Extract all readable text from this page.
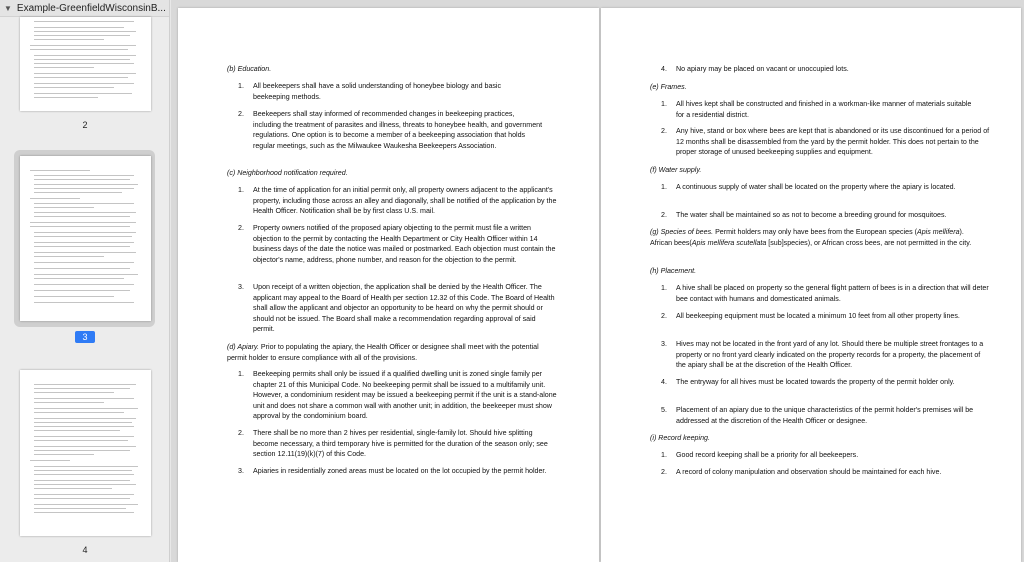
▼ Example-GreenfieldWisconsinB...
2
3
4
(b) Education.
1.	All beekeepers shall have a solid understanding of honeybee biology and basic beekeeping methods.
2.	Beekeepers shall stay informed of recommended changes in beekeeping practices, including the treatment of parasites and illness, threats to honeybee health, and government regulations. One option is to become a member of a beekeeping association that holds regular meetings, such as the Milwaukee Waukesha Beekeepers Association.
(c) Neighborhood notification required.
1.	At the time of application for an initial permit only, all property owners adjacent to the applicant's property, including those across an alley and diagonally, shall be notified of the application by the Health Officer. Notification shall be by first class U.S. mail.
2.	Property owners notified of the proposed apiary objecting to the permit must file a written objection to the permit by contacting the Health Department or City Health Officer within 14 business days of the date the notice was mailed or postmarked. Each objection must contain the objector's name, address, phone number, and reason for the objection to the permit.
3.	Upon receipt of a written objection, the application shall be denied by the Health Officer. The applicant may appeal to the Board of Health per section 12.32 of this Code. The Board of Health shall allow the applicant and objector an opportunity to be heard on why the permit should or should not be issued. The Board shall make a recommendation regarding approval of said permit.
(d) Apiary. Prior to populating the apiary, the Health Officer or designee shall meet with the potential permit holder to ensure compliance with all of the provisions.
1.	Beekeeping permits shall only be issued if a qualified dwelling unit is zoned single family per chapter 21 of this Municipal Code. No beekeeping permit shall be issued to a multifamily unit. However, a condominium resident may be issued a beekeeping permit if the unit is a stand-alone unit and does not share a common wall with another unit; in addition, the beekeeper must show approval by the condominium board.
2.	There shall be no more than 2 hives per residential, single-family lot. Should hive splitting become necessary, a third temporary hive is permitted for the duration of the season only; see section 12.11(19)(k)(7) of this Code.
3.	Apiaries in residentially zoned areas must be located on the lot occupied by the permit holder.
4.	No apiary may be placed on vacant or unoccupied lots.
(e) Frames.
1.	All hives kept shall be constructed and finished in a workman-like manner of materials suitable for a residential district.
2.	Any hive, stand or box where bees are kept that is abandoned or its use discontinued for a period of 12 months shall be disassembled from the yard by the permit holder. This does not pertain to the proper storage of unused beekeeping supplies and equipment.
(f) Water supply.
1.	A continuous supply of water shall be located on the property where the apiary is located.
2.	The water shall be maintained so as not to become a breeding ground for mosquitoes.
(g) Species of bees. Permit holders may only have bees from the European species (Apis mellifera). African bees(Apis mellifera scutellata [sub]species), or African cross bees, are not permitted in the city.
(h) Placement.
1.	A hive shall be placed on property so the general flight pattern of bees is in a direction that will deter bee contact with humans and domesticated animals.
2.	All beekeeping equipment must be located a minimum 10 feet from all other property lines.
3.	Hives may not be located in the front yard of any lot. Should there be multiple street frontages to a property or no front yard clearly indicated on the property records for a property, the placement of the apiary shall be at the discretion of the Health Officer.
4.	The entryway for all hives must be located towards the property of the permit holder only.
5.	Placement of an apiary due to the unique characteristics of the permit holder's premises will be addressed at the discretion of the Health Officer or designee.
(i) Record keeping.
1.	Good record keeping shall be a priority for all beekeepers.
2.	A record of colony manipulation and observation should be maintained for each hive.
